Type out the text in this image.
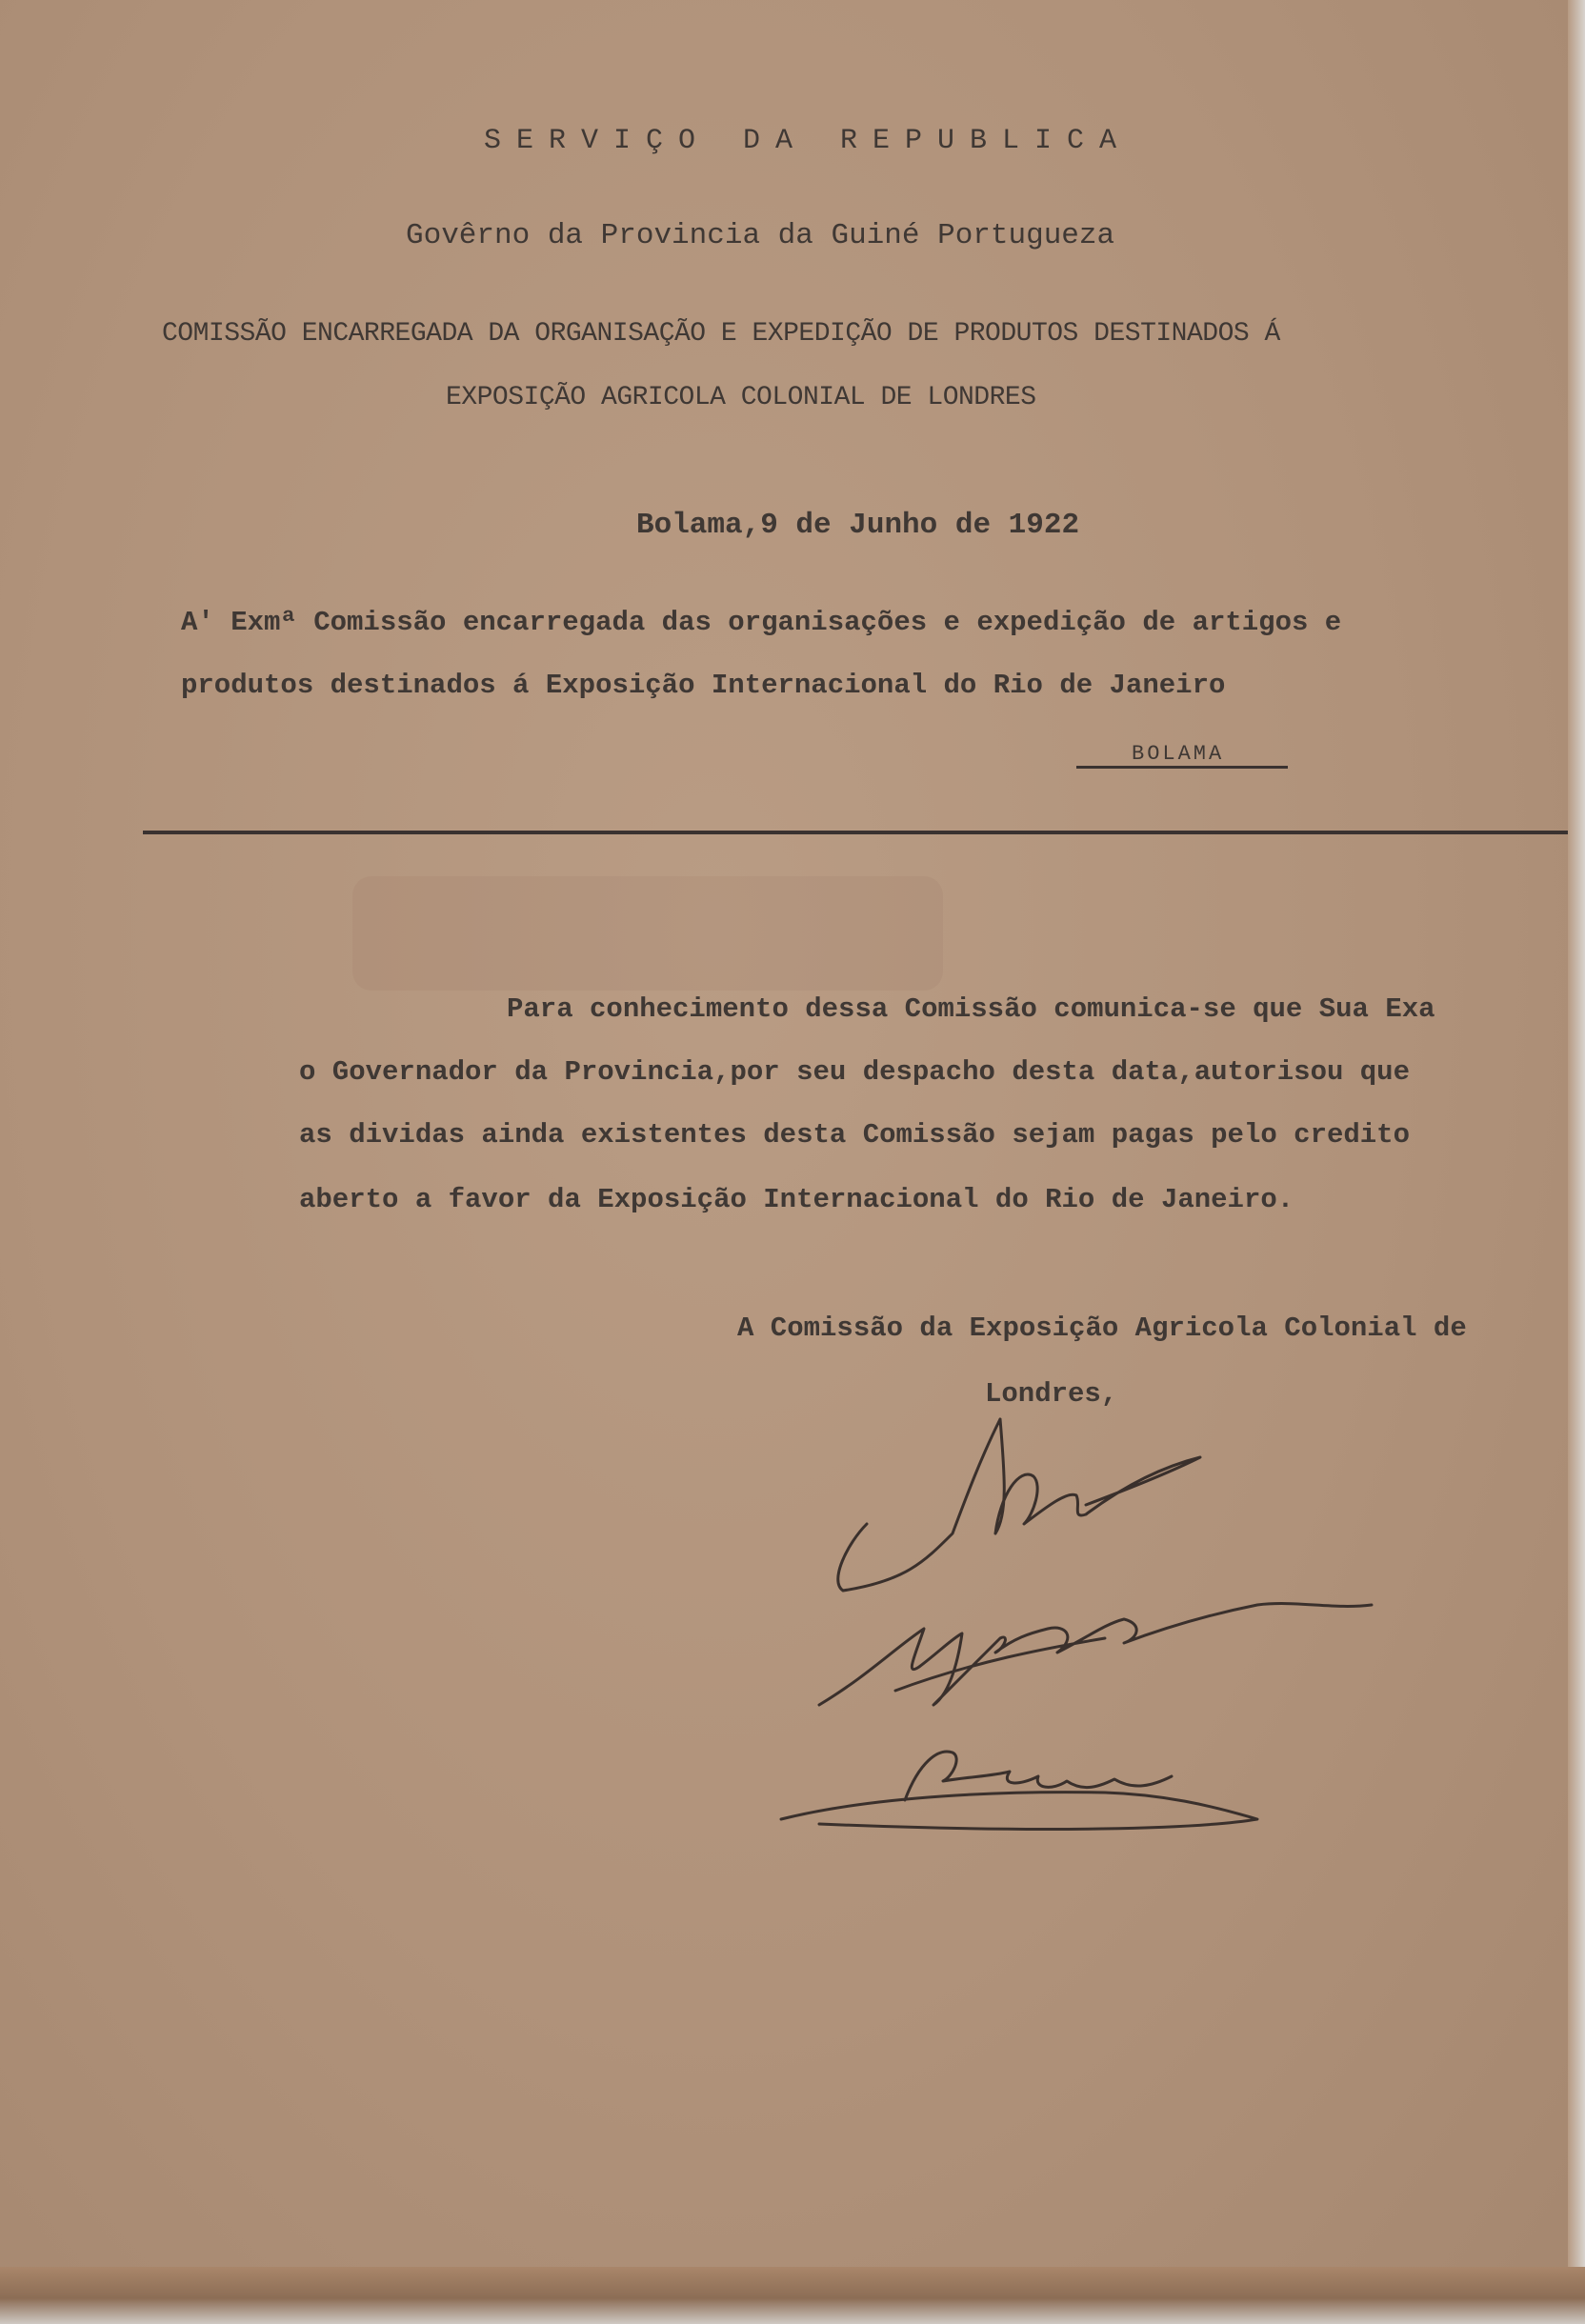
SERVIÇO DA REPUBLICA
Govêrno da Provincia da Guiné Portugueza
COMISSÃO ENCARREGADA DA ORGANISAÇÃO E EXPEDIÇÃO DE PRODUTOS DESTINADOS Á
EXPOSIÇÃO AGRICOLA COLONIAL DE LONDRES
Bolama,9 de Junho de 1922
A' Exmª Comissão encarregada das organisações e expedição de artigos e
produtos destinados á Exposição Internacional do Rio de Janeiro
BOLAMA
Para conhecimento dessa Comissão comunica-se que Sua Exa
o Governador da Provincia,por seu despacho desta data,autorisou que
as dividas ainda existentes desta Comissão sejam pagas pelo credito
aberto a favor da Exposição Internacional do Rio de Janeiro.
A Comissão da Exposição Agricola Colonial de
Londres,
